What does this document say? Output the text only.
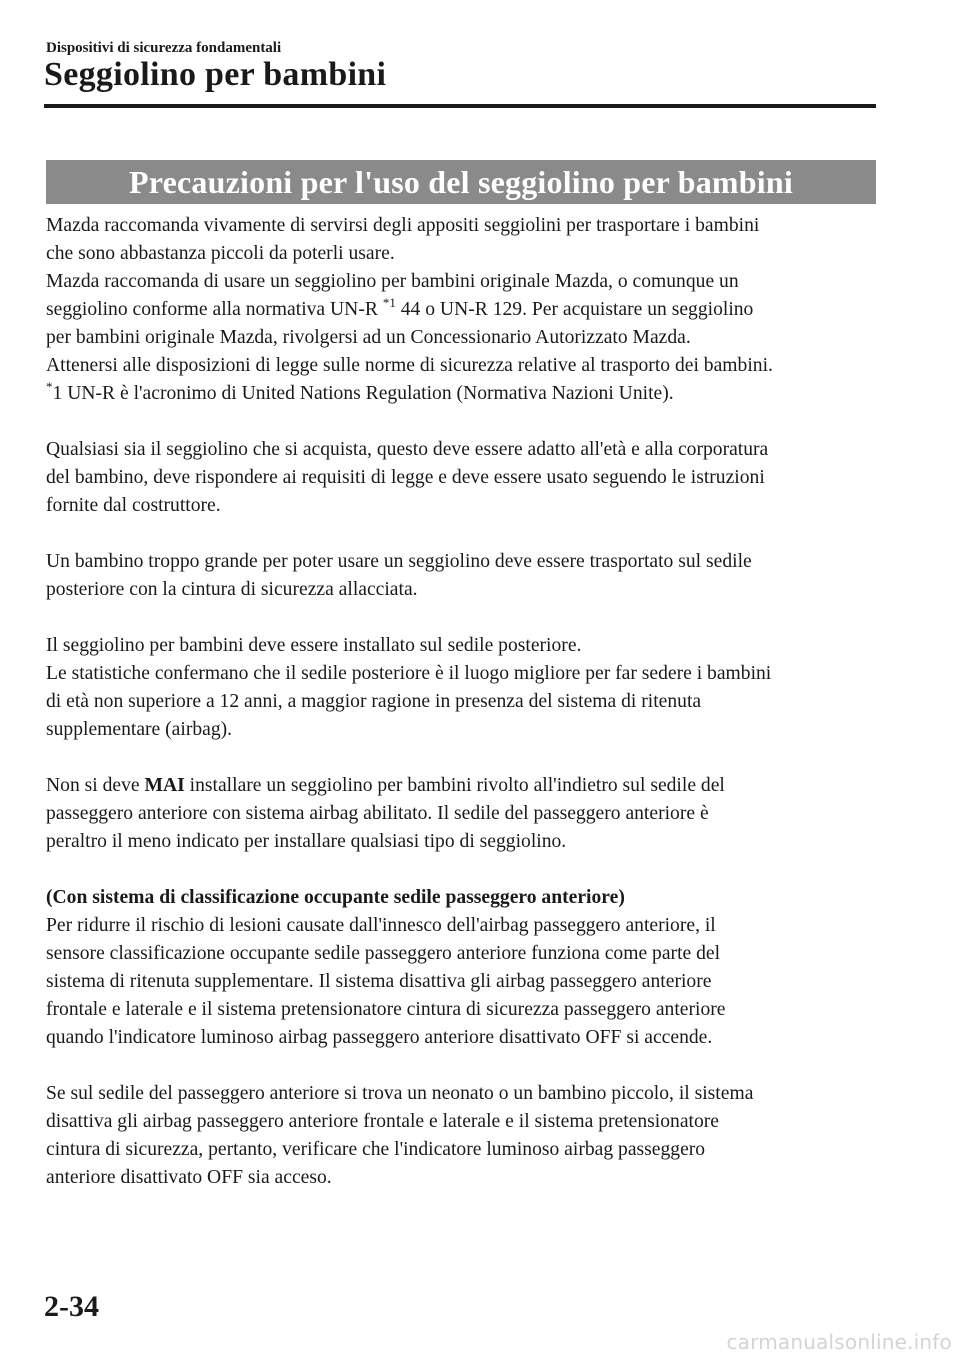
Dispositivi di sicurezza fondamentali
Seggiolino per bambini
Precauzioni per l'uso del seggiolino per bambini

Mazda raccomanda vivamente di servirsi degli appositi seggiolini per trasportare i bambini

che sono abbastanza piccoli da poterli usare.

Mazda raccomanda di usare un seggiolino per bambini originale Mazda, o comunque un

seggiolino conforme alla normativa UN-R $^{*1}$ 44 o UN-R 129. Per acquistare un seggiolino

per bambini originale Mazda, rivolgersi ad un Concessionario Autorizzato Mazda.

Attenersi alle disposizioni di legge sulle norme di sicurezza relative al trasporto dei bambini.

*1 UN-R è l'acronimo di United Nations Regulation (Normativa Nazioni Unite).

Qualsiasi sia il seggiolino che si acquista, questo deve essere adatto all'età e alla corporatura

del bambino, deve rispondere ai requisiti di legge e deve essere usato seguendo le istruzioni

fornite dal costruttore.

Un bambino troppo grande per poter usare un seggiolino deve essere trasportato sul sedile

posteriore con la cintura di sicurezza allacciata.

Il seggiolino per bambini deve essere installato sul sedile posteriore.

Le statistiche confermano che il sedile posteriore è il luogo migliore per far sedere i bambini

di età non superiore a 12 anni, a maggior ragione in presenza del sistema di ritenuta

supplementare (airbag).

Non si deve MAI installare un seggiolino per bambini rivolto all'indietro sul sedile del

passeggero anteriore con sistema airbag abilitato. Il sedile del passeggero anteriore è

peraltro il meno indicato per installare qualsiasi tipo di seggiolino.

(Con sistema di classificazione occupante sedile passeggero anteriore)

Per ridurre il rischio di lesioni causate dall'innesco dell'airbag passeggero anteriore, il

sensore classificazione occupante sedile passeggero anteriore funziona come parte del

sistema di ritenuta supplementare. Il sistema disattiva gli airbag passeggero anteriore

frontale e laterale e il sistema pretensionatore cintura di sicurezza passeggero anteriore

quando l'indicatore luminoso airbag passeggero anteriore disattivato OFF si accende.

Se sul sedile del passeggero anteriore si trova un neonato o un bambino piccolo, il sistema

disattiva gli airbag passeggero anteriore frontale e laterale e il sistema pretensionatore

cintura di sicurezza, pertanto, verificare che l'indicatore luminoso airbag passeggero

anteriore disattivato OFF sia acceso.

2-34
carmanualsonline.info
